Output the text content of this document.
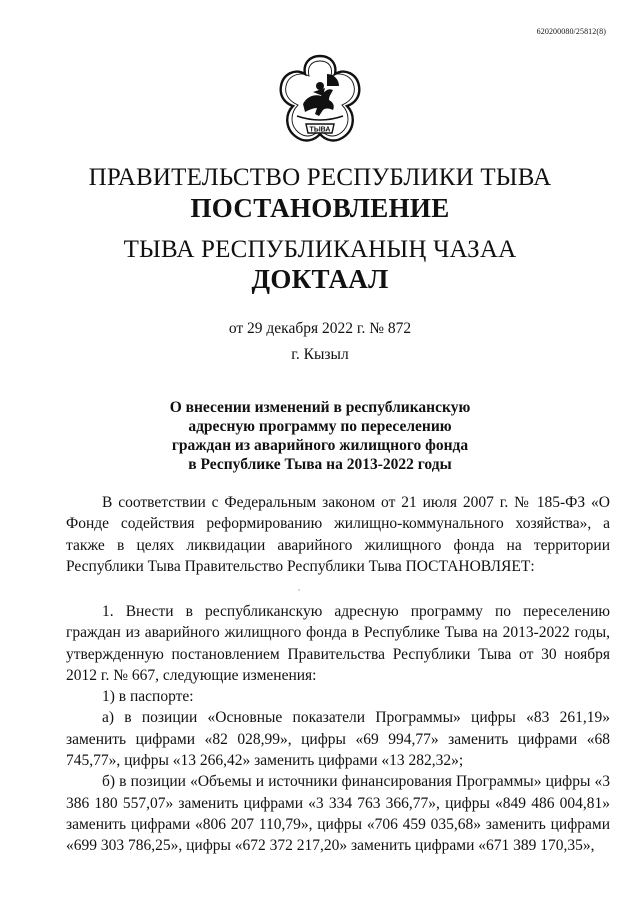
620200080/25812(8)
ТЫВА
ПРАВИТЕЛЬСТВО РЕСПУБЛИКИ ТЫВА
ПОСТАНОВЛЕНИЕ
ТЫВА РЕСПУБЛИКАНЫҢ ЧАЗАА
ДОКТААЛ
от 29 декабря 2022 г. № 872
г. Кызыл
О внесении изменений в республиканскую
адресную программу по переселению
граждан из аварийного жилищного фонда
в Республике Тыва на 2013-2022 годы

В соответствии с Федеральным законом от 21 июля 2007 г. № 185-ФЗ «О Фонде содействия реформированию жилищно-коммунального хозяйства», а также в целях ликвидации аварийного жилищного фонда на территории Республики Тыва Правительство Республики Тыва ПОСТАНОВЛЯЕТ:

1. Внести в республиканскую адресную программу по переселению граждан из аварийного жилищного фонда в Республике Тыва на 2013-2022 годы, утвержденную постановлением Правительства Республики Тыва от 30 ноября 2012 г. № 667, следующие изменения:

1) в паспорте:

а) в позиции «Основные показатели Программы» цифры «83 261,19» заменить цифрами «82 028,99», цифры «69 994,77» заменить цифрами «68 745,77», цифры «13 266,42» заменить цифрами «13 282,32»;

б) в позиции «Объемы и источники финансирования Программы» цифры «3 386 180 557,07» заменить цифрами «3 334 763 366,77», цифры «849 486 004,81» заменить цифрами «806 207 110,79», цифры «706 459 035,68» заменить цифрами «699 303 786,25», цифры «672 372 217,20» заменить цифрами «671 389 170,35»,
